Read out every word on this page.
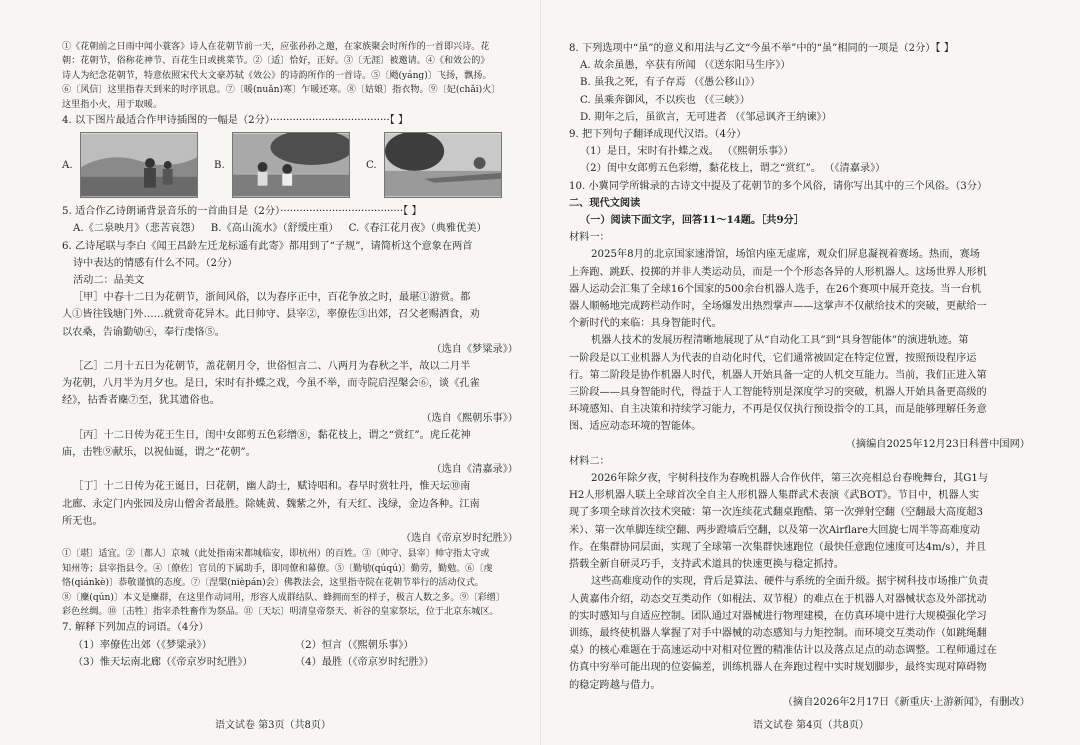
①《花朝前之日雨中闻小蓑客》诗人在花朝节前一天，应张孙孙之邀，在家族聚会时所作的一首即兴诗。花
朝：花朝节，俗称花神节、百花生日或挑菜节。②〔适〕恰好，正好。③〔无涯〕被邀请。④《和效公的》
诗人为纪念花朝节，特意依照宋代大文豪苏轼《效公》的诗韵所作的一首诗。⑤〔飏(yáng)〕飞扬，飘扬。
⑥〔风信〕这里指春天到来的时序讯息。⑦〔暖(nuǎn)寒〕乍暖还寒。⑧〔姑娘〕指衣物。⑨〔妃(chǎi)火〕
这里指小火，用于取暖。
4. 以下图片最适合作甲诗插图的一幅是（2分）·····································【 】
A.	B.	C.
5. 适合作乙诗朗诵背景音乐的一首曲目是（2分）······································【 】
A.《二泉映月》（悲苦哀怨） B.《高山流水》（舒缓庄重） C.《春江花月夜》（典雅优美）
6. 乙诗尾联与李白《闻王昌龄左迁龙标遥有此寄》都用到了“子规”，请简析这个意象在两首
诗中表达的情感有什么不同。（2分）
活动二：品美文
［甲］中春十二日为花朝节，浙间风俗，以为春序正中，百花争放之时，最堪①游赏。都
人①皆往钱塘门外……就赏奇花异木。此日帅守、县宰②，率僚佐③出郊，召父老赐酒食，劝
以农桑，告谕勤劬④，奉行虔恪⑤。
（选自《梦粱录》）
［乙］二月十五日为花朝节，盖花朝月令，世俗恒言二、八两月为春秋之半，故以二月半
为花朝，八月半为月夕也。是日，宋时有扑蝶之戏，今虽不举，而寺院启涅槃会⑥，谈《孔雀
经》，拈香者麇⑦至，犹其遗俗也。
（选自《熙朝乐事》）
［丙］十二日传为花王生日，闺中女郎剪五色彩缯⑧，黏花枝上，谓之“赏红”。虎丘花神
庙，击牲⑨献乐，以祝仙诞，谓之“花朝”。
（选自《清嘉录》）
［丁］十二日传为花王诞日，曰花朝，幽人韵士，赋诗唱和。春早时赏牡丹，惟天坛⑩南
北廊、永定门内张园及房山僧舍者最胜。除姚黄、魏紫之外，有天红、浅绿，金边各种。江南
所无也。
（选自《帝京岁时纪胜》）
①〔堪〕适宜。②〔都人〕京城（此处指南宋都城临安，即杭州）的百姓。③〔帅守、县宰〕帅守指太守或
知州等；县宰指县令。④〔僚佐〕官员的下属助手，即同僚和幕僚。⑤〔勤劬(qúqú)〕勤劳，勤勉。⑥〔虔
恪(qiánkè)〕恭敬谨慎的态度。⑦〔涅槃(nièpán)会〕佛教法会，这里指寺院在花朝节举行的活动仪式。
⑧〔麇(qún)〕本义是麇群，在这里作动词用，形容人成群结队、蜂拥而至的样子，极言人数之多。⑨〔彩缯〕
彩色丝绸。⑩〔击牲〕指宰杀牲畜作为祭品。⑪〔天坛〕明清皇帝祭天、祈谷的皇家祭坛，位于北京东城区。
7. 解释下列加点的词语。（4分）
（1）率僚佐出郊（《梦粱录》）	（2）恒言（《熙朝乐事》）
（3）惟天坛南北廊（《帝京岁时纪胜》）	（4）最胜（《帝京岁时纪胜》）
语文试卷 第3页（共8页）
8. 下列选项中“虽”的意义和用法与乙文“今虽不举”中的“虽”相同的一项是（2分）【 】
A. 故余虽愚，卒获有所闻 （《送东阳马生序》）
B. 虽我之死，有子存焉 （《愚公移山》）
C. 虽乘奔御风，不以疾也 （《三峡》）
D. 期年之后，虽欲言，无可进者 （《邹忌讽齐王纳谏》）
9. 把下列句子翻译成现代汉语。（4分）
（1）是日，宋时有扑蝶之戏。 （《熙朝乐事》）
（2）闺中女郎剪五色彩缯，黏花枝上，谓之“赏红”。 （《清嘉录》）
10. 小冀同学所辑录的古诗文中提及了花朝节的多个风俗，请你写出其中的三个风俗。（3分）
二、现代文阅读
（一）阅读下面文字，回答11～14题。［共9分］
材料一：
2025年8月的北京国家速滑馆，场馆内座无虚席，观众们屏息凝视着赛场。热而，赛场
上奔跑、跳跃、投掷的并非人类运动员，而是一个个形态各异的人形机器人。这场世界人形机
器人运动会汇集了全球16个国家的500余台机器人选手，在26个赛项中展开竞技。当一台机
器人顺畅地完成跨栏动作时，全场爆发出热烈掌声——这掌声不仅献给技术的突破，更献给一
个新时代的来临：具身智能时代。
机器人技术的发展历程清晰地展现了从“自动化工具”到“具身智能体”的演进轨迹。第
一阶段是以工业机器人为代表的自动化时代，它们通常被固定在特定位置，按照预设程序运
行。第二阶段是协作机器人时代，机器人开始具备一定的人机交互能力。当前，我们正进入第
三阶段——具身智能时代，得益于人工智能特别是深度学习的突破，机器人开始具备更高级的
环境感知、自主决策和持续学习能力，不再是仅仅执行预设指令的工具，而是能够理解任务意
图、适应动态环境的智能体。
（摘编自2025年12月23日科普中国网）
材料二：
2026年除夕夜，宇树科技作为春晚机器人合作伙伴，第三次亮相总台春晚舞台，其G1与
H2人形机器人联上全球首次全自主人形机器人集群武术表演《武BOT》。节目中，机器人实
现了多项全球首次技术突破：第一次连续花式翻桌跑酷、第一次弹射空翻（空翻最大高度超3
米）、第一次单脚连续空翻、两步蹬墙后空翻，以及第一次Airflare大回旋七周半等高难度动
作。在集群协同层面，实现了全球第一次集群快速跑位（最快任意跑位速度可达4m/s），并且
搭载全新自研灵巧手，支持武术道具的快速更换与稳定抓持。
这些高难度动作的实现，背后是算法、硬件与系统的全面升级。据宇树科技市场推广负责
人黄嘉伟介绍，动态交互类动作（如棍法、双节棍）的难点在于机器人对器械状态及外部扰动
的实时感知与自适应控制。团队通过对器械进行物理建模，在仿真环境中进行大规模强化学习
训练，最终使机器人掌握了对手中器械的动态感知与力矩控制。而环境交互类动作（如跳绳翻
桌）的核心难题在于高速运动中对相对位置的精准估计以及落点足点的动态调整。工程师通过在
仿真中穷举可能出现的位姿偏差，训练机器人在奔跑过程中实时规划脚步，最终实现对障碍物
的稳定跨越与借力。
（摘自2026年2月17日《新重庆·上游新闻》，有删改）
语文试卷 第4页（共8页）
